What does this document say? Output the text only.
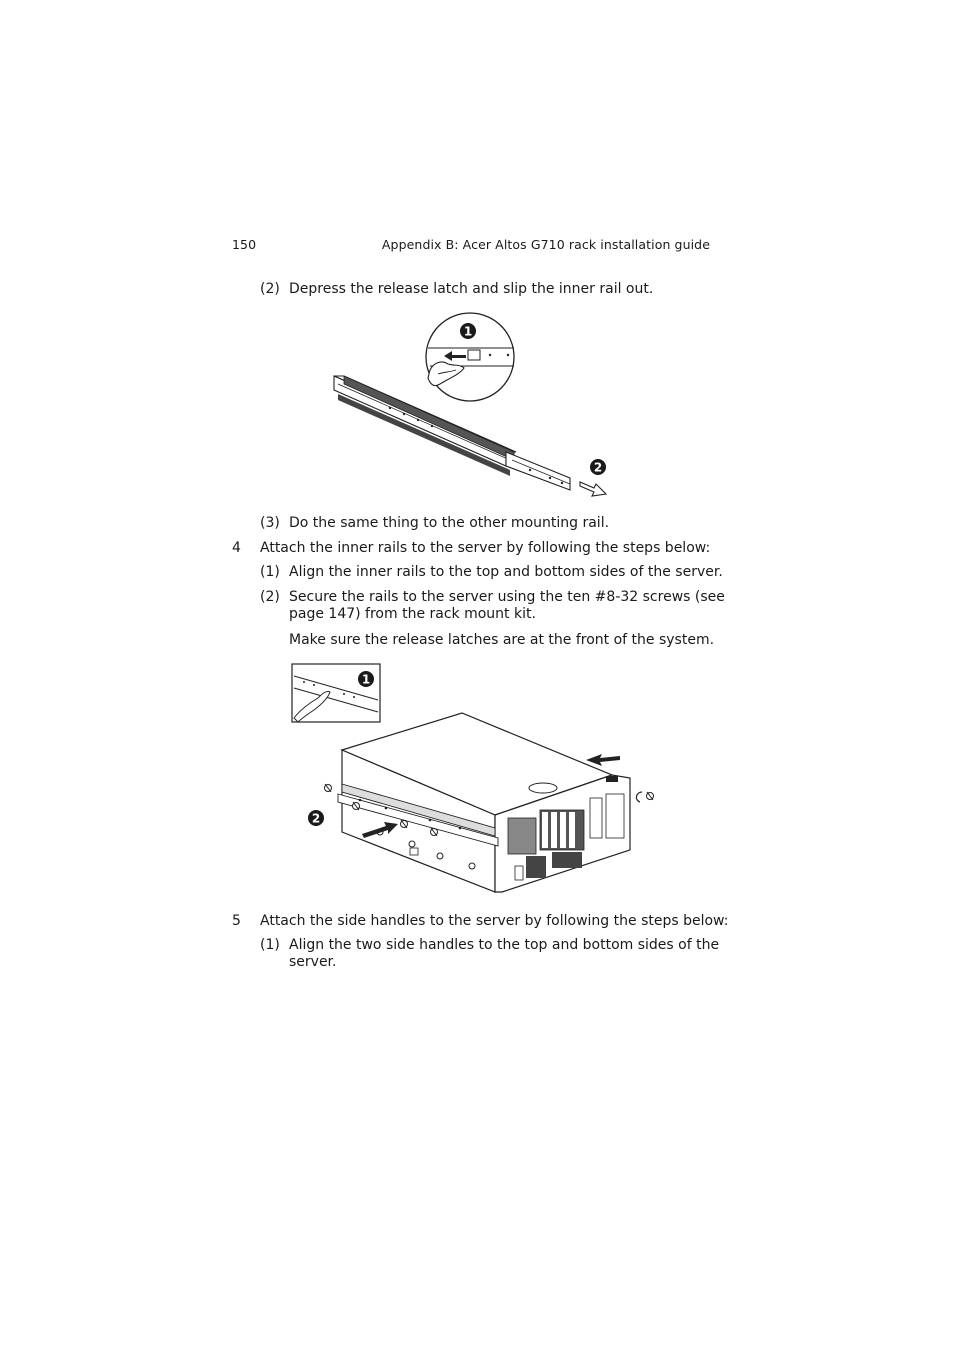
150	Appendix B: Acer Altos G710 rack installation guide
(2) Depress the release latch and slip the inner rail out.
1
2
(3) Do the same thing to the other mounting rail.
4 Attach the inner rails to the server by following the steps below:
(1) Align the inner rails to the top and bottom sides of the server.
(2) Secure the rails to the server using the ten #8-32 screws (see
page 147) from the rack mount kit.
Make sure the release latches are at the front of the system.
1
2
5 Attach the side handles to the server by following the steps below:
(1) Align the two side handles to the top and bottom sides of the
server.
